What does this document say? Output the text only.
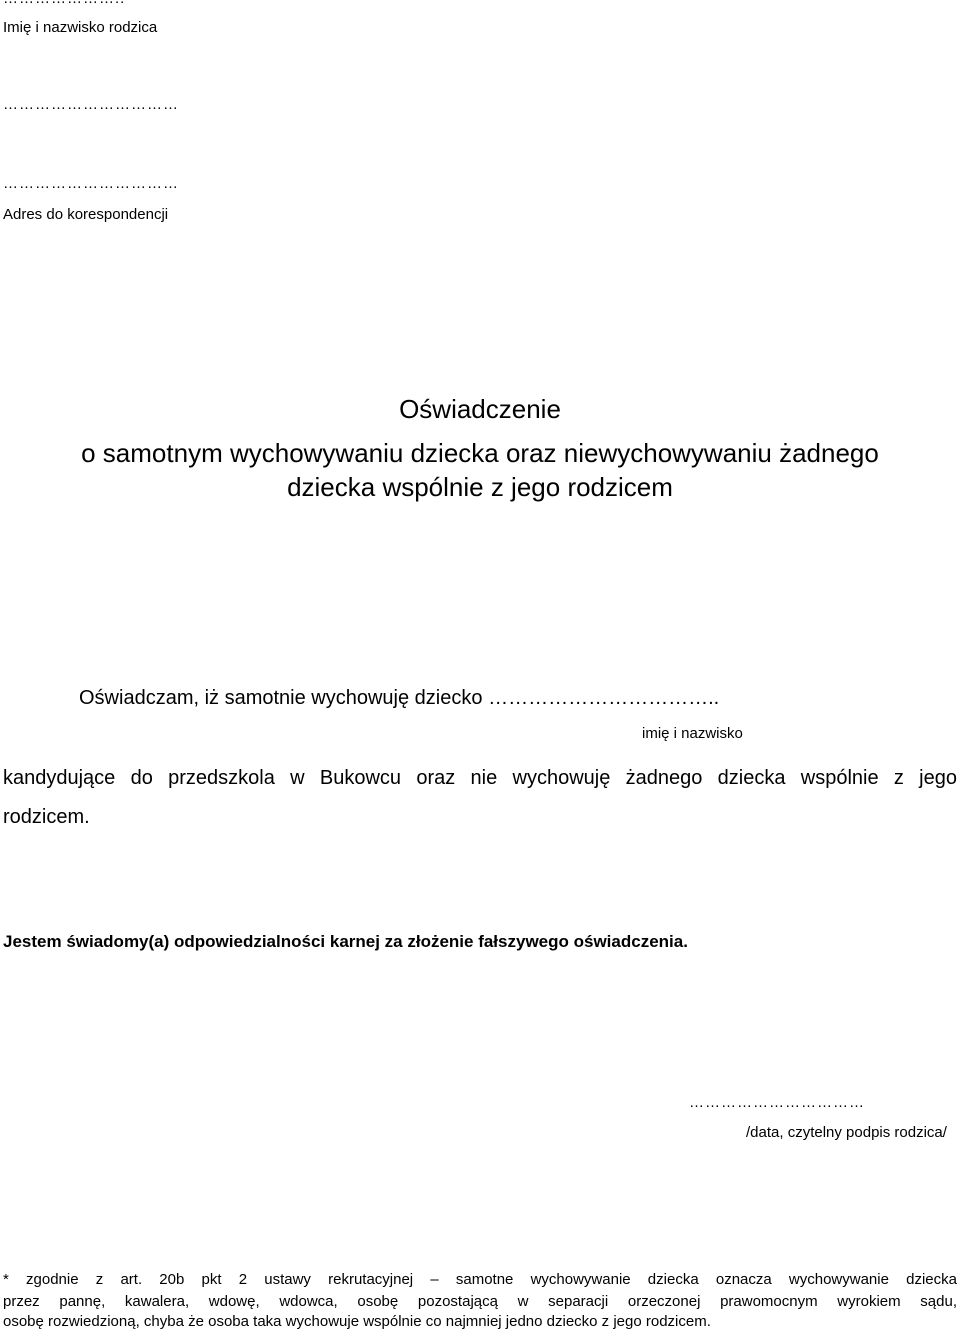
Imię i nazwisko rodzica
……………………………
……………………………
Adres do korespondencji
Oświadczenie
o samotnym wychowywaniu dziecka oraz niewychowywaniu żadnego
dziecka wspólnie z jego rodzicem
Oświadczam, iż samotnie wychowuję dziecko ……………………………..
imię i nazwisko
kandydujące do przedszkola w Bukowcu oraz nie wychowuję żadnego dziecka wspólnie z jego
rodzicem.
Jestem świadomy(a) odpowiedzialności karnej za złożenie fałszywego oświadczenia.
……………………………
/data, czytelny podpis rodzica/
* zgodnie z art. 20b pkt 2 ustawy rekrutacyjnej – samotne wychowywanie dziecka oznacza wychowywanie dziecka
przez pannę, kawalera, wdowę, wdowca, osobę pozostającą w separacji orzeczonej prawomocnym wyrokiem sądu,
osobę rozwiedzioną, chyba że osoba taka wychowuje wspólnie co najmniej jedno dziecko z jego rodzicem.
